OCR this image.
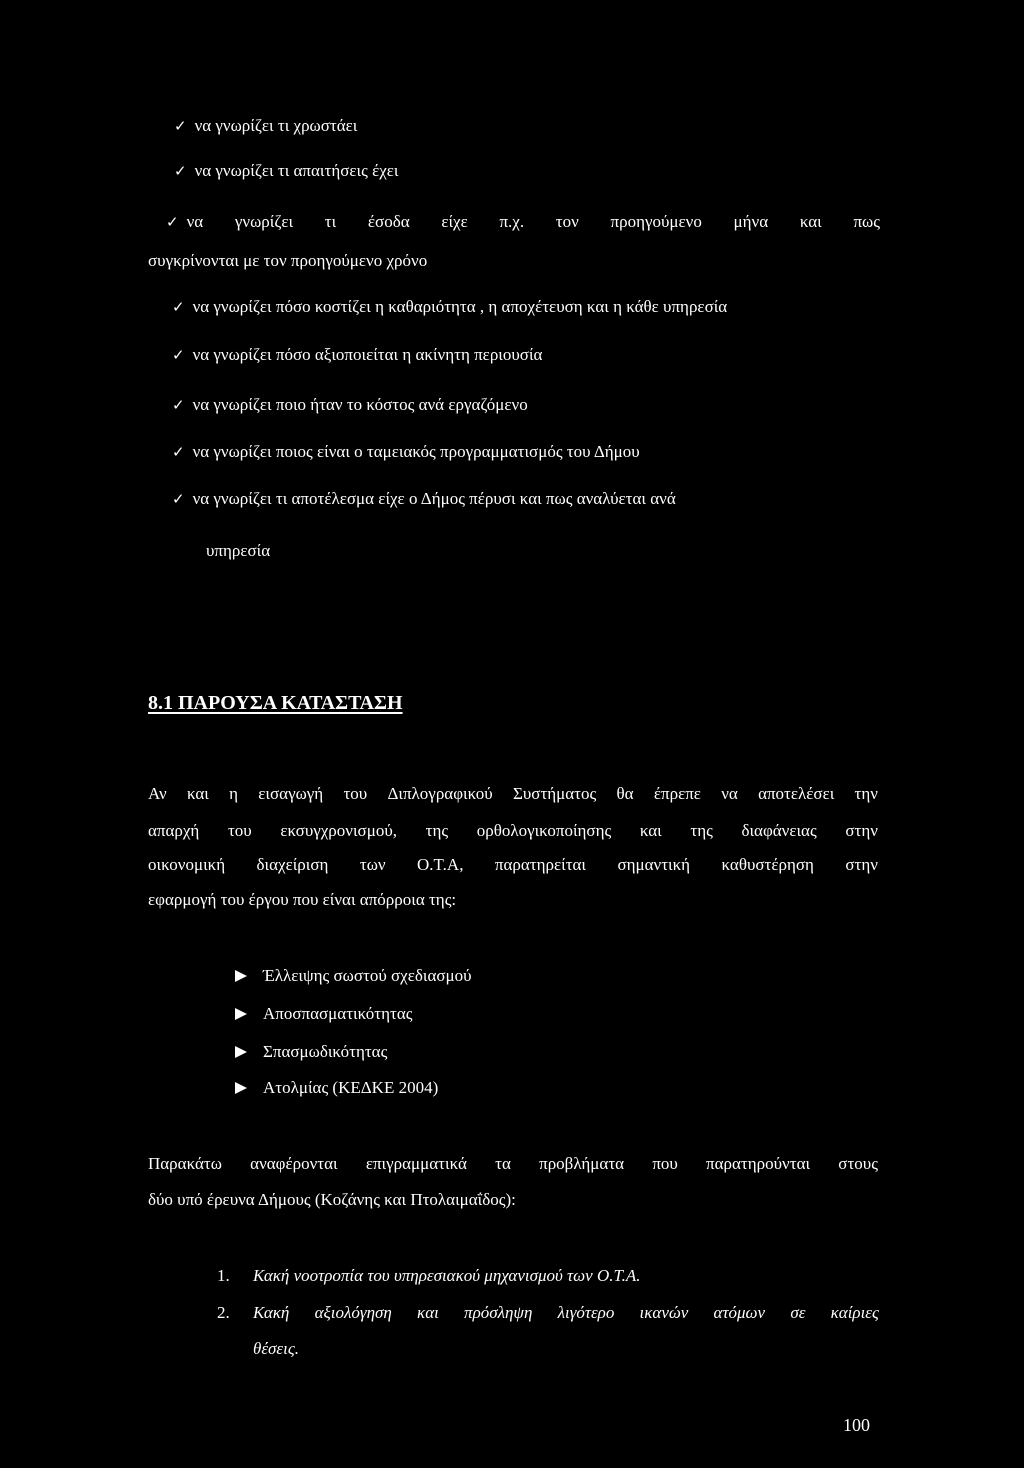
✓ να γνωρίζει τι χρωστάει
✓ να γνωρίζει τι απαιτήσεις έχει
✓ να γνωρίζει τι έσοδα είχε π.χ. τον προηγούμενο μήνα και πως
συγκρίνονται με τον προηγούμενο χρόνο
✓ να γνωρίζει πόσο κοστίζει η καθαριότητα , η αποχέτευση και η κάθε υπηρεσία
✓ να γνωρίζει πόσο αξιοποιείται η ακίνητη περιουσία
✓ να γνωρίζει ποιο ήταν το κόστος ανά εργαζόμενο
✓ να γνωρίζει ποιος είναι ο ταμειακός προγραμματισμός του Δήμου
✓ να γνωρίζει τι αποτέλεσμα είχε ο Δήμος πέρυσι και πως αναλύεται ανά
υπηρεσία
8.1 ΠΑΡΟΥΣΑ ΚΑΤΑΣΤΑΣΗ
Αν και η εισαγωγή του Διπλογραφικού Συστήματος θα έπρεπε να αποτελέσει την
απαρχή του εκσυγχρονισμού, της ορθολογικοποίησης και της διαφάνειας στην
οικονομική διαχείριση των Ο.Τ.Α, παρατηρείται σημαντική καθυστέρηση στην
εφαρμογή του έργου που είναι απόρροια της:
Έλλειψης σωστού σχεδιασμού
Αποσπασματικότητας
Σπασμωδικότητας
Ατολμίας (ΚΕΔΚΕ 2004)
Παρακάτω αναφέρονται επιγραμματικά τα προβλήματα που παρατηρούνται στους
δύο υπό έρευνα Δήμους (Κοζάνης και Πτολαιμαΐδος):
1. Κακή νοοτροπία του υπηρεσιακού μηχανισμού των Ο.Τ.Α.
2.	Κακή αξιολόγηση και πρόσληψη λιγότερο ικανών ατόμων σε καίριες
θέσεις.
100
